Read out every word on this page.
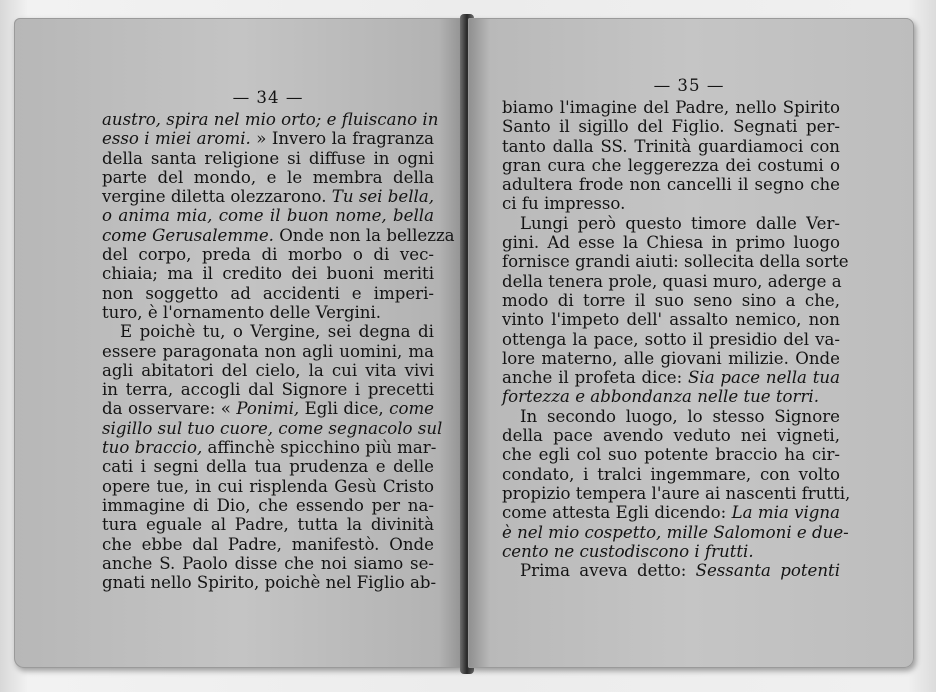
— 34 —
austro, spira nel mio orto; e fluiscano in
esso i miei aromi. » Invero la fragranza
della santa religione si diffuse in ogni
parte del mondo, e le membra della
vergine diletta olezzarono. Tu sei bella,
o anima mia, come il buon nome, bella
come Gerusalemme. Onde non la bellezza
del corpo, preda di morbo o di vec-
chiaia; ma il credito dei buoni meriti
non soggetto ad accidenti e imperi-
turo, è l'ornamento delle Vergini.
E poichè tu, o Vergine, sei degna di
essere paragonata non agli uomini, ma
agli abitatori del cielo, la cui vita vivi
in terra, accogli dal Signore i precetti
da osservare: « Ponimi, Egli dice, come
sigillo sul tuo cuore, come segnacolo sul
tuo braccio, affinchè spicchino più mar-
cati i segni della tua prudenza e delle
opere tue, in cui risplenda Gesù Cristo
immagine di Dio, che essendo per na-
tura eguale al Padre, tutta la divinità
che ebbe dal Padre, manifestò. Onde
anche S. Paolo disse che noi siamo se-
gnati nello Spirito, poichè nel Figlio ab-
— 35 —
biamo l'imagine del Padre, nello Spirito
Santo il sigillo del Figlio. Segnati per-
tanto dalla SS. Trinità guardiamoci con
gran cura che leggerezza dei costumi o
adultera frode non cancelli il segno che
ci fu impresso.
Lungi però questo timore dalle Ver-
gini. Ad esse la Chiesa in primo luogo
fornisce grandi aiuti: sollecita della sorte
della tenera prole, quasi muro, aderge a
modo di torre il suo seno sino a che,
vinto l'impeto dell' assalto nemico, non
ottenga la pace, sotto il presidio del va-
lore materno, alle giovani milizie. Onde
anche il profeta dice: Sia pace nella tua
fortezza e abbondanza nelle tue torri.
In secondo luogo, lo stesso Signore
della pace avendo veduto nei vigneti,
che egli col suo potente braccio ha cir-
condato, i tralci ingemmare, con volto
propizio tempera l'aure ai nascenti frutti,
come attesta Egli dicendo: La mia vigna
è nel mio cospetto, mille Salomoni e due-
cento ne custodiscono i frutti.
Prima aveva detto: Sessanta potenti
